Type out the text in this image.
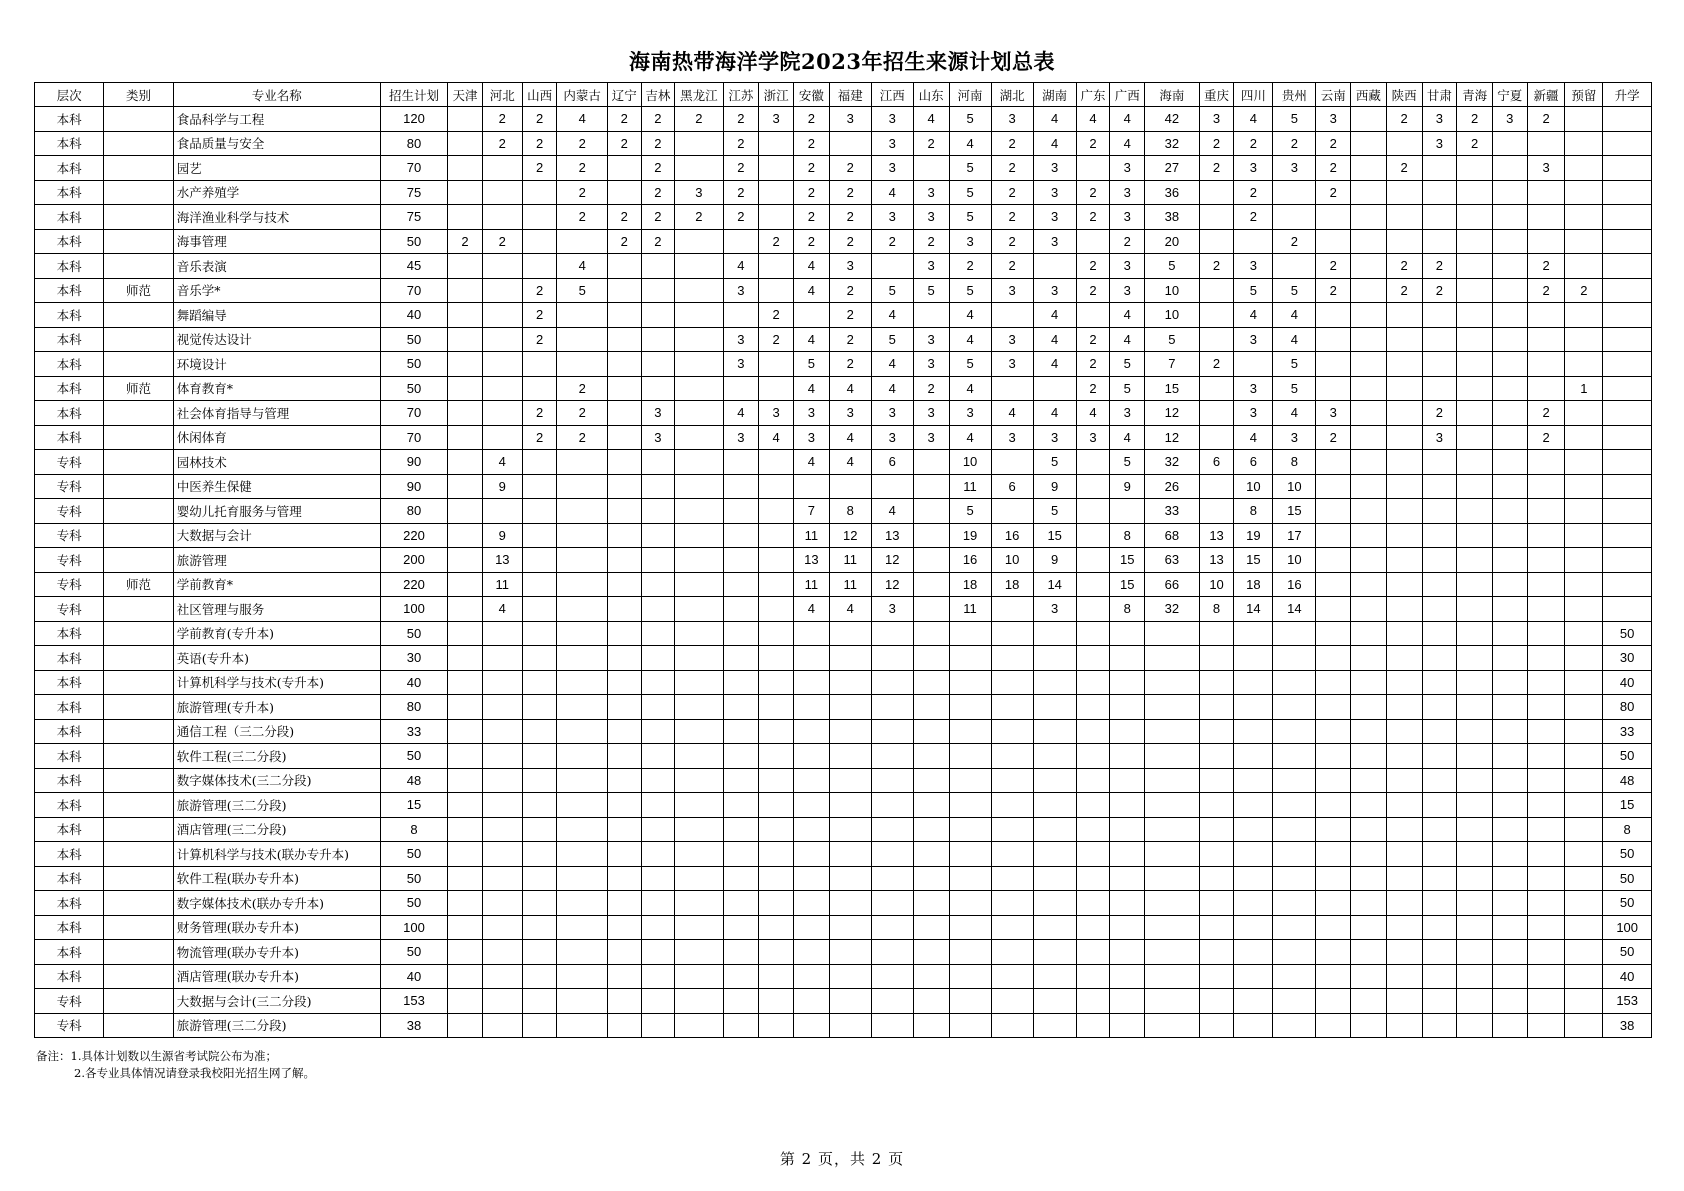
海南热带海洋学院2023年招生来源计划总表
层次	类别	专业名称	招生计划	天津	河北	山西	内蒙古	辽宁	吉林	黑龙江	江苏	浙江	安徽	福建	江西	山东	河南	湖北	湖南	广东	广西	海南	重庆	四川	贵州	云南	西藏	陕西	甘肃	青海	宁夏	新疆	预留	升学
本科		食品科学与工程	120		2	2	4	2	2	2	2	3	2	3	3	4	5	3	4	4	4	42	3	4	5	3		2	3	2	3	2		
本科		食品质量与安全	80		2	2	2	2	2		2		2		3	2	4	2	4	2	4	32	2	2	2	2			3	2				
本科		园艺	70			2	2		2		2		2	2	3		5	2	3		3	27	2	3	3	2		2				3		
本科		水产养殖学	75				2		2	3	2		2	2	4	3	5	2	3	2	3	36		2		2								
本科		海洋渔业科学与技术	75				2	2	2	2	2		2	2	3	3	5	2	3	2	3	38		2										
本科		海事管理	50	2	2			2	2			2	2	2	2	2	3	2	3		2	20			2									
本科		音乐表演	45				4				4		4	3		3	2	2		2	3	5	2	3		2		2	2			2		
本科	师范	音乐学*	70			2	5				3		4	2	5	5	5	3	3	2	3	10		5	5	2		2	2			2	2	
本科		舞蹈编导	40			2						2		2	4		4		4		4	10		4	4									
本科		视觉传达设计	50			2					3	2	4	2	5	3	4	3	4	2	4	5		3	4									
本科		环境设计	50								3		5	2	4	3	5	3	4	2	5	7	2		5									
本科	师范	体育教育*	50				2						4	4	4	2	4			2	5	15		3	5								1	
本科		社会体育指导与管理	70			2	2		3		4	3	3	3	3	3	3	4	4	4	3	12		3	4	3			2			2		
本科		休闲体育	70			2	2		3		3	4	3	4	3	3	4	3	3	3	4	12		4	3	2			3			2		
专科		园林技术	90		4								4	4	6		10		5		5	32	6	6	8									
专科		中医养生保健	90		9												11	6	9		9	26		10	10									
专科		婴幼儿托育服务与管理	80										7	8	4		5		5			33		8	15									
专科		大数据与会计	220		9								11	12	13		19	16	15		8	68	13	19	17									
专科		旅游管理	200		13								13	11	12		16	10	9		15	63	13	15	10									
专科	师范	学前教育*	220		11								11	11	12		18	18	14		15	66	10	18	16									
专科		社区管理与服务	100		4								4	4	3		11		3		8	32	8	14	14									
本科		学前教育(专升本)	50																															50
本科		英语(专升本)	30																															30
本科		计算机科学与技术(专升本)	40																															40
本科		旅游管理(专升本)	80																															80
本科		通信工程（三二分段)	33																															33
本科		软件工程(三二分段)	50																															50
本科		数字媒体技术(三二分段)	48																															48
本科		旅游管理(三二分段)	15																															15
本科		酒店管理(三二分段)	8																															8
本科		计算机科学与技术(联办专升本)	50																															50
本科		软件工程(联办专升本)	50																															50
本科		数字媒体技术(联办专升本)	50																															50
本科		财务管理(联办专升本)	100																															100
本科		物流管理(联办专升本)	50																															50
本科		酒店管理(联办专升本)	40																															40
专科		大数据与会计(三二分段)	153																															153
专科		旅游管理(三二分段)	38																															38
备注：1.具体计划数以生源省考试院公布为准；
2.各专业具体情况请登录我校阳光招生网了解。
第 2 页，共 2 页
